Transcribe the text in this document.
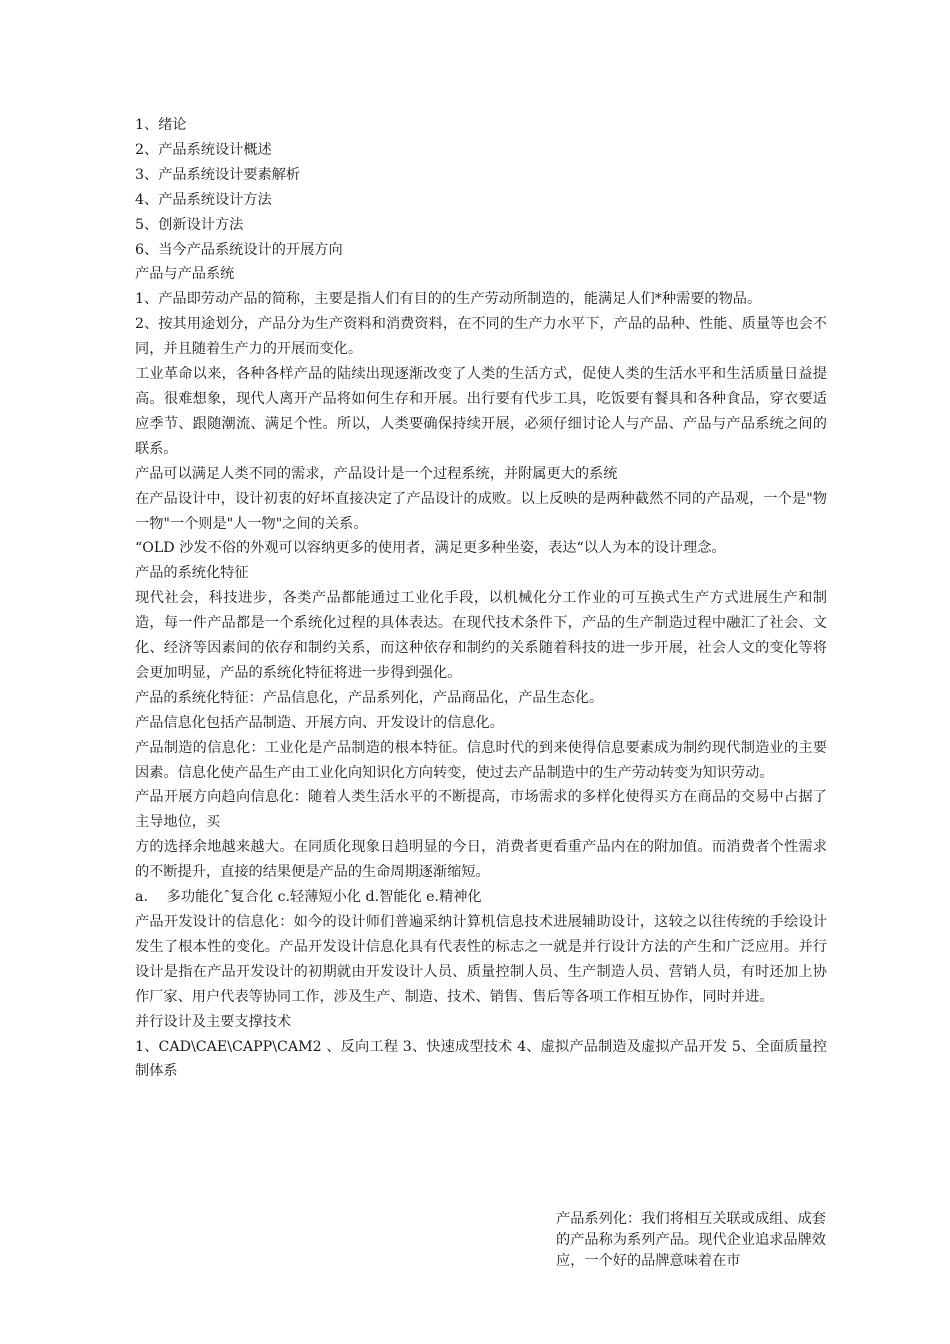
1、绪论

2、产品系统设计概述

3、产品系统设计要素解析

4、产品系统设计方法

5、创新设计方法

6、当今产品系统设计的开展方向

产品与产品系统

1、产品即劳动产品的简称，主要是指人们有目的的生产劳动所制造的，能满足人们*种需要的物品。

2、按其用途划分，产品分为生产资料和消费资料，在不同的生产力水平下，产品的品种、性能、质量等也会不同，并且随着生产力的开展而变化。

工业革命以来，各种各样产品的陆续出现逐渐改变了人类的生活方式，促使人类的生活水平和生活质量日益提高。很难想象，现代人离开产品将如何生存和开展。出行要有代步工具，吃饭要有餐具和各种食品，穿衣要适应季节、跟随潮流、满足个性。所以，人类要确保持续开展，必须仔细讨论人与产品、产品与产品系统之间的联系。

产品可以满足人类不同的需求，产品设计是一个过程系统，并附属更大的系统

在产品设计中，设计初衷的好坏直接决定了产品设计的成败。以上反映的是两种截然不同的产品观，一个是"物一物"一个则是"人一物"之间的关系。

“OLD 沙发不俗的外观可以容纳更多的使用者，满足更多种坐姿，表达“以人为本的设计理念。

产品的系统化特征

现代社会，科技进步，各类产品都能通过工业化手段，以机械化分工作业的可互换式生产方式进展生产和制造，每一件产品都是一个系统化过程的具体表达。在现代技术条件下，产品的生产制造过程中融汇了社会、文化、经济等因素间的依存和制约关系，而这种依存和制约的关系随着科技的进一步开展，社会人文的变化等将会更加明显，产品的系统化特征将进一步得到强化。

产品的系统化特征：产品信息化，产品系列化，产品商品化，产品生态化。

产品信息化包括产品制造、开展方向、开发设计的信息化。

产品制造的信息化：工业化是产品制造的根本特征。信息时代的到来使得信息要素成为制约现代制造业的主要因素。信息化使产品生产由工业化向知识化方向转变，使过去产品制造中的生产劳动转变为知识劳动。

产品开展方向趋向信息化：随着人类生活水平的不断提高，市场需求的多样化使得买方在商品的交易中占据了主导地位，买

方的选择余地越来越大。在同质化现象日趋明显的今日，消费者更看重产品内在的附加值。而消费者个性需求的不断提升，直接的结果便是产品的生命周期逐渐缩短。

a.　 多功能化ˆ复合化 c.轻薄短小化 d.智能化 e.精神化

产品开发设计的信息化：如今的设计师们普遍采纳计算机信息技术进展辅助设计，这较之以往传统的手绘设计发生了根本性的变化。产品开发设计信息化具有代表性的标志之一就是并行设计方法的产生和广泛应用。并行设计是指在产品开发设计的初期就由开发设计人员、质量控制人员、生产制造人员、营销人员，有时还加上协作厂家、用户代表等协同工作，涉及生产、制造、技术、销售、售后等各项工作相互协作，同时并进。

并行设计及主要支撑技术

1、CAD\CAE\CAPP\CAM2 、反向工程 3、快速成型技术 4、虚拟产品制造及虚拟产品开发 5、全面质量控制体系

产品系列化：我们将相互关联或成组、成套的产品称为系列产品。现代企业追求品牌效应，一个好的品牌意味着在市
